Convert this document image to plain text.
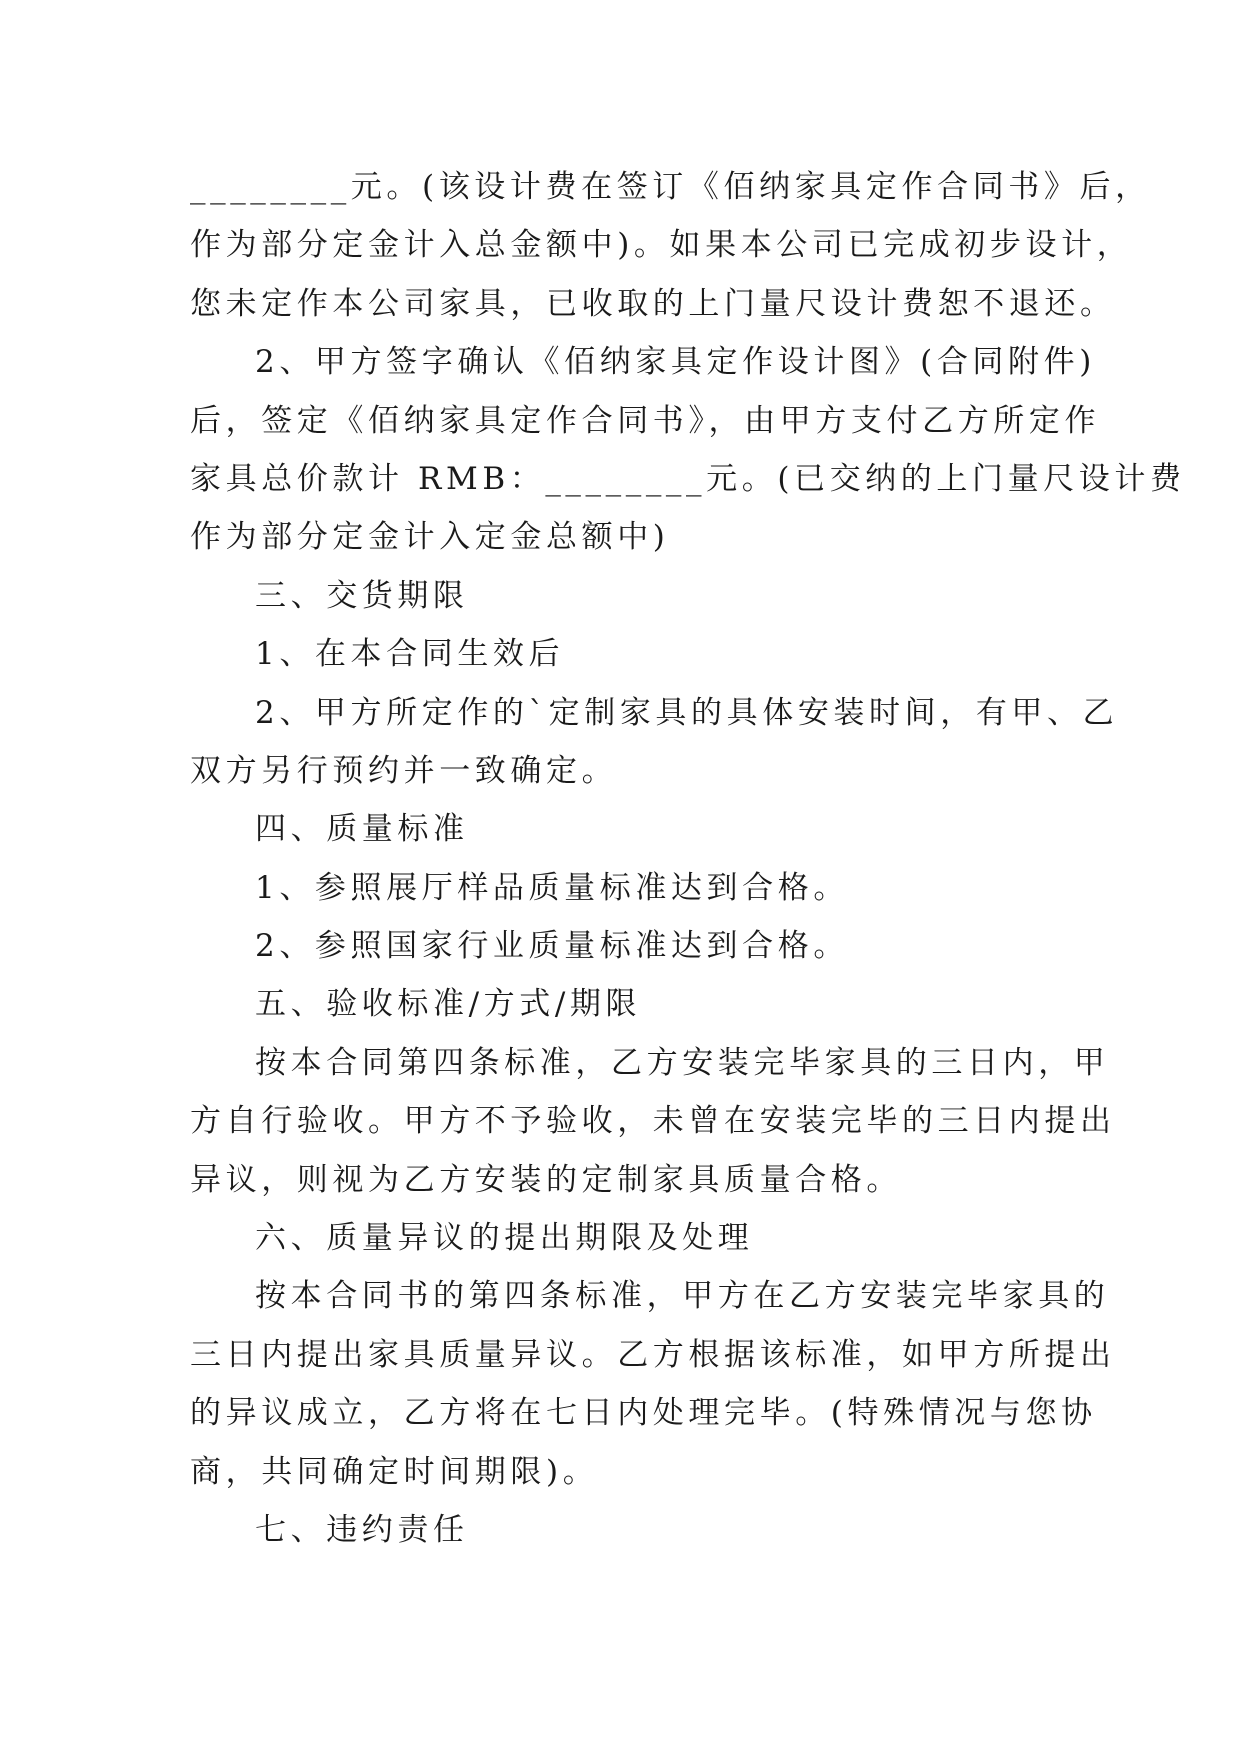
________元。(该设计费在签订《佰纳家具定作合同书》后，
作为部分定金计入总金额中)。如果本公司已完成初步设计，
您未定作本公司家具，已收取的上门量尺设计费恕不退还。
2、甲方签字确认《佰纳家具定作设计图》(合同附件)
后，签定《佰纳家具定作合同书》，由甲方支付乙方所定作
家具总价款计 RMB：________元。(已交纳的上门量尺设计费
作为部分定金计入定金总额中)
三、交货期限
1、在本合同生效后
2、甲方所定作的`定制家具的具体安装时间，有甲、乙
双方另行预约并一致确定。
四、质量标准
1、参照展厅样品质量标准达到合格。
2、参照国家行业质量标准达到合格。
五、验收标准/方式/期限
按本合同第四条标准，乙方安装完毕家具的三日内，甲
方自行验收。甲方不予验收，未曾在安装完毕的三日内提出
异议，则视为乙方安装的定制家具质量合格。
六、质量异议的提出期限及处理
按本合同书的第四条标准，甲方在乙方安装完毕家具的
三日内提出家具质量异议。乙方根据该标准，如甲方所提出
的异议成立，乙方将在七日内处理完毕。(特殊情况与您协
商，共同确定时间期限)。
七、违约责任
